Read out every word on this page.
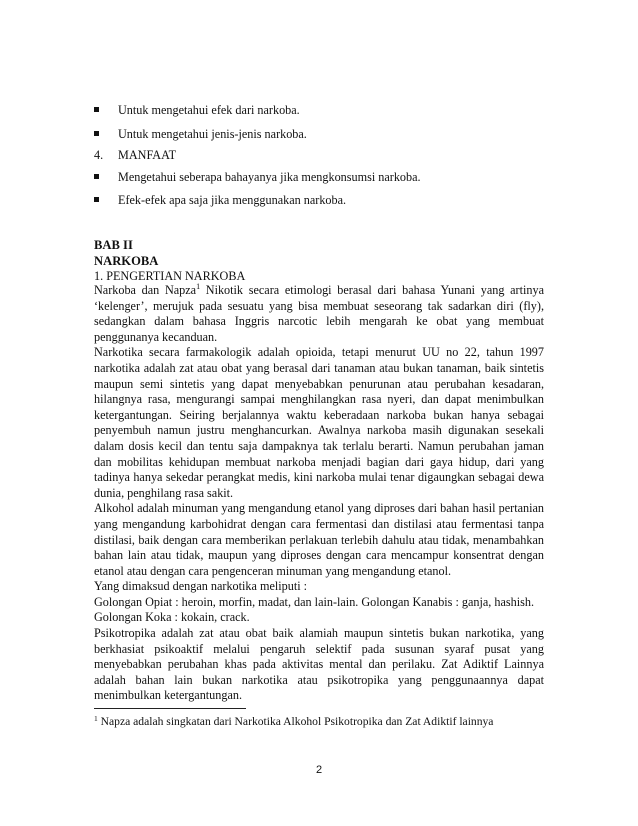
Untuk mengetahui efek dari narkoba.
Untuk mengetahui jenis-jenis narkoba.
4. MANFAAT
Mengetahui seberapa bahayanya jika mengkonsumsi narkoba.
Efek-efek apa saja jika menggunakan narkoba.
BAB II
NARKOBA
1. PENGERTIAN NARKOBA

Narkoba dan Napza$^1$ Nikotik secara etimologi berasal dari bahasa Yunani yang artinya ‘kelenger’, merujuk pada sesuatu yang bisa membuat seseorang tak sadarkan diri (fly), sedangkan dalam bahasa Inggris narcotic lebih mengarah ke obat yang membuat penggunanya kecanduan.

Narkotika secara farmakologik adalah opioida, tetapi menurut UU no 22, tahun 1997 narkotika adalah zat atau obat yang berasal dari tanaman atau bukan tanaman, baik sintetis maupun semi sintetis yang dapat menyebabkan penurunan atau perubahan kesadaran, hilangnya rasa, mengurangi sampai menghilangkan rasa nyeri, dan dapat menimbulkan ketergantungan. Seiring berjalannya waktu keberadaan narkoba bukan hanya sebagai penyembuh namun justru menghancurkan. Awalnya narkoba masih digunakan sesekali dalam dosis kecil dan tentu saja dampaknya tak terlalu berarti. Namun perubahan jaman dan mobilitas kehidupan membuat narkoba menjadi bagian dari gaya hidup, dari yang tadinya hanya sekedar perangkat medis, kini narkoba mulai tenar digaungkan sebagai dewa dunia, penghilang rasa sakit.

Alkohol adalah minuman yang mengandung etanol yang diproses dari bahan hasil pertanian yang mengandung karbohidrat dengan cara fermentasi dan distilasi atau fermentasi tanpa distilasi, baik dengan cara memberikan perlakuan terlebih dahulu atau tidak, menambahkan bahan lain atau tidak, maupun yang diproses dengan cara mencampur konsentrat dengan etanol atau dengan cara pengenceran minuman yang mengandung etanol.

Yang dimaksud dengan narkotika meliputi :

Golongan Opiat : heroin, morfin, madat, dan lain-lain. Golongan Kanabis : ganja, hashish.

Golongan Koka : kokain, crack.

Psikotropika adalah zat atau obat baik alamiah maupun sintetis bukan narkotika, yang berkhasiat psikoaktif melalui pengaruh selektif pada susunan syaraf pusat yang menyebabkan perubahan khas pada aktivitas mental dan perilaku. Zat Adiktif Lainnya adalah bahan lain bukan narkotika atau psikotropika yang penggunaannya dapat menimbulkan ketergantungan.

$^1$ Napza adalah singkatan dari Narkotika Alkohol Psikotropika dan Zat Adiktif lainnya
2
